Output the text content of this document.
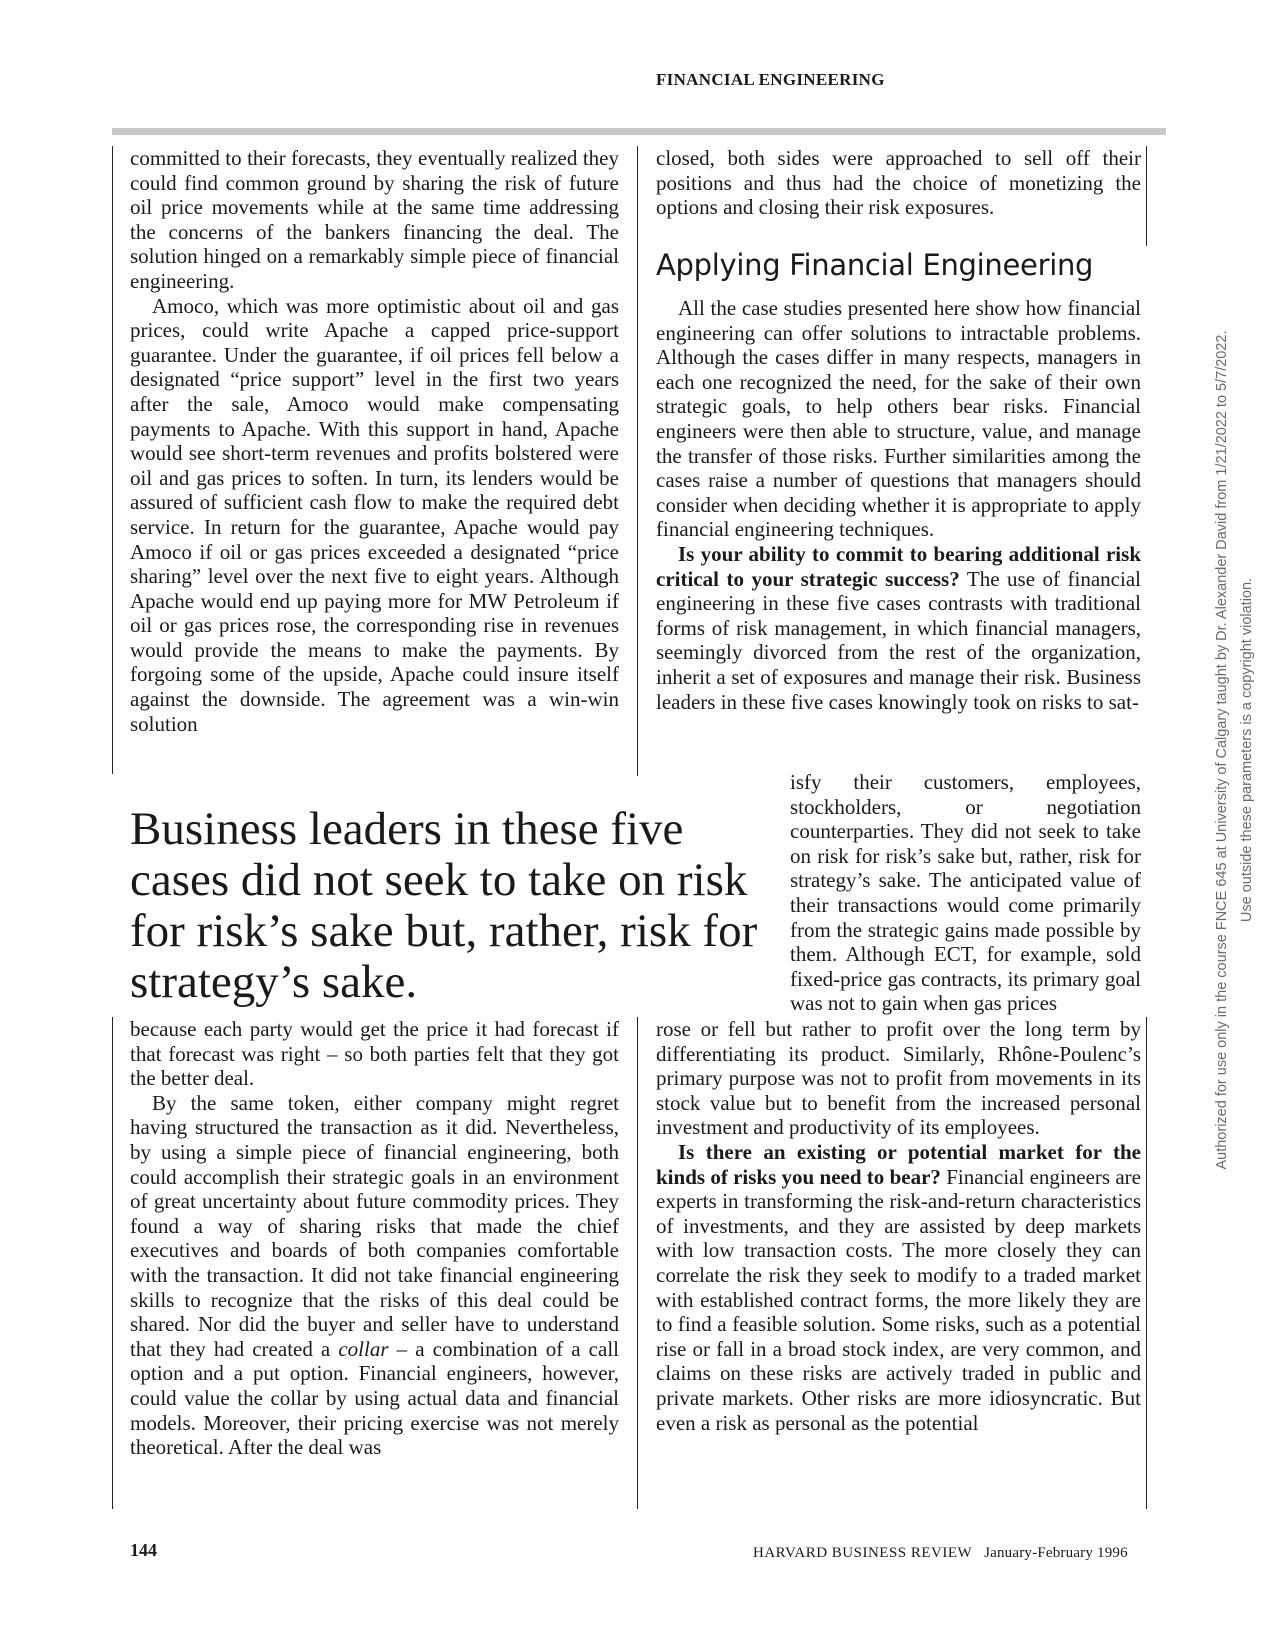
FINANCIAL ENGINEERING

committed to their forecasts, they eventually realized they could find common ground by sharing the risk of future oil price movements while at the same time addressing the concerns of the bankers financing the deal. The solution hinged on a remarkably simple piece of financial engineering.

Amoco, which was more optimistic about oil and gas prices, could write Apache a capped price-support guarantee. Under the guarantee, if oil prices fell below a designated “price support” level in the first two years after the sale, Amoco would make compensating payments to Apache. With this support in hand, Apache would see short-term revenues and profits bolstered were oil and gas prices to soften. In turn, its lenders would be assured of sufficient cash flow to make the required debt service. In return for the guarantee, Apache would pay Amoco if oil or gas prices exceeded a designated “price sharing” level over the next five to eight years. Although Apache would end up paying more for MW Petroleum if oil or gas prices rose, the corresponding rise in revenues would provide the means to make the payments. By forgoing some of the upside, Apache could insure itself against the downside. The agreement was a win-win solution

closed, both sides were approached to sell off their positions and thus had the choice of monetizing the options and closing their risk exposures.

Applying Financial Engineering

All the case studies presented here show how financial engineering can offer solutions to intractable problems. Although the cases differ in many respects, managers in each one recognized the need, for the sake of their own strategic goals, to help others bear risks. Financial engineers were then able to structure, value, and manage the transfer of those risks. Further similarities among the cases raise a number of questions that managers should consider when deciding whether it is appropriate to apply financial engineering techniques.

Is your ability to commit to bearing additional risk critical to your strategic success? The use of financial engineering in these five cases contrasts with traditional forms of risk management, in which financial managers, seemingly divorced from the rest of the organization, inherit a set of exposures and manage their risk. Business leaders in these five cases knowingly took on risks to sat-

Business leaders in these five cases did not seek to take on risk for risk’s sake but, rather, risk for strategy’s sake.

isfy their customers, employees, stockholders, or negotiation counterparties. They did not seek to take on risk for risk’s sake but, rather, risk for strategy’s sake. The anticipated value of their transactions would come primarily from the strategic gains made possible by them. Although ECT, for example, sold fixed-price gas contracts, its primary goal was not to gain when gas prices

because each party would get the price it had forecast if that forecast was right – so both parties felt that they got the better deal.

By the same token, either company might regret having structured the transaction as it did. Nevertheless, by using a simple piece of financial engineering, both could accomplish their strategic goals in an environment of great uncertainty about future commodity prices. They found a way of sharing risks that made the chief executives and boards of both companies comfortable with the transaction. It did not take financial engineering skills to recognize that the risks of this deal could be shared. Nor did the buyer and seller have to understand that they had created a collar – a combination of a call option and a put option. Financial engineers, however, could value the collar by using actual data and financial models. Moreover, their pricing exercise was not merely theoretical. After the deal was

rose or fell but rather to profit over the long term by differentiating its product. Similarly, Rhône-Poulenc’s primary purpose was not to profit from movements in its stock value but to benefit from the increased personal investment and productivity of its employees.

Is there an existing or potential market for the kinds of risks you need to bear? Financial engineers are experts in transforming the risk-and-return characteristics of investments, and they are assisted by deep markets with low transaction costs. The more closely they can correlate the risk they seek to modify to a traded market with established contract forms, the more likely they are to find a feasible solution. Some risks, such as a potential rise or fall in a broad stock index, are very common, and claims on these risks are actively traded in public and private markets. Other risks are more idiosyncratic. But even a risk as personal as the potential

144	HARVARD BUSINESS REVIEW January-February 1996
Authorized for use only in the course FNCE 645 at University of Calgary taught by Dr. Alexander David from 1/21/2022 to 5/7/2022. Use outside these parameters is a copyright violation.
